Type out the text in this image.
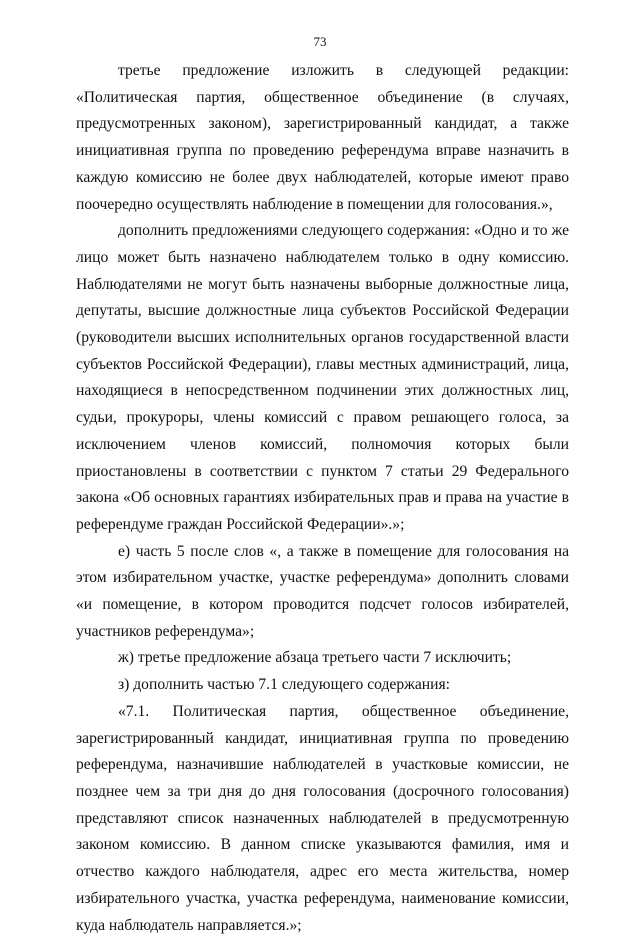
73

третье предложение изложить в следующей редакции: «Политическая партия, общественное объединение (в случаях, предусмотренных законом), зарегистрированный кандидат, а также инициативная группа по проведению референдума вправе назначить в каждую комиссию не более двух наблюдателей, которые имеют право поочередно осуществлять наблюдение в помещении для голосования.»,

дополнить предложениями следующего содержания: «Одно и то же лицо может быть назначено наблюдателем только в одну комиссию. Наблюдателями не могут быть назначены выборные должностные лица, депутаты, высшие должностные лица субъектов Российской Федерации (руководители высших исполнительных органов государственной власти субъектов Российской Федерации), главы местных администраций, лица, находящиеся в непосредственном подчинении этих должностных лиц, судьи, прокуроры, члены комиссий с правом решающего голоса, за исключением членов комиссий, полномочия которых были приостановлены в соответствии с пунктом 7 статьи 29 Федерального закона «Об основных гарантиях избирательных прав и права на участие в референдуме граждан Российской Федерации».»;

е) часть 5 после слов «, а также в помещение для голосования на этом избирательном участке, участке референдума» дополнить словами «и помещение, в котором проводится подсчет голосов избирателей, участников референдума»;

ж) третье предложение абзаца третьего части 7 исключить;

з) дополнить частью 7.1 следующего содержания:

«7.1. Политическая партия, общественное объединение, зарегистрированный кандидат, инициативная группа по проведению референдума, назначившие наблюдателей в участковые комиссии, не позднее чем за три дня до дня голосования (досрочного голосования) представляют список назначенных наблюдателей в предусмотренную законом комиссию. В данном списке указываются фамилия, имя и отчество каждого наблюдателя, адрес его места жительства, номер избирательного участка, участка референдума, наименование комиссии, куда наблюдатель направляется.»;
